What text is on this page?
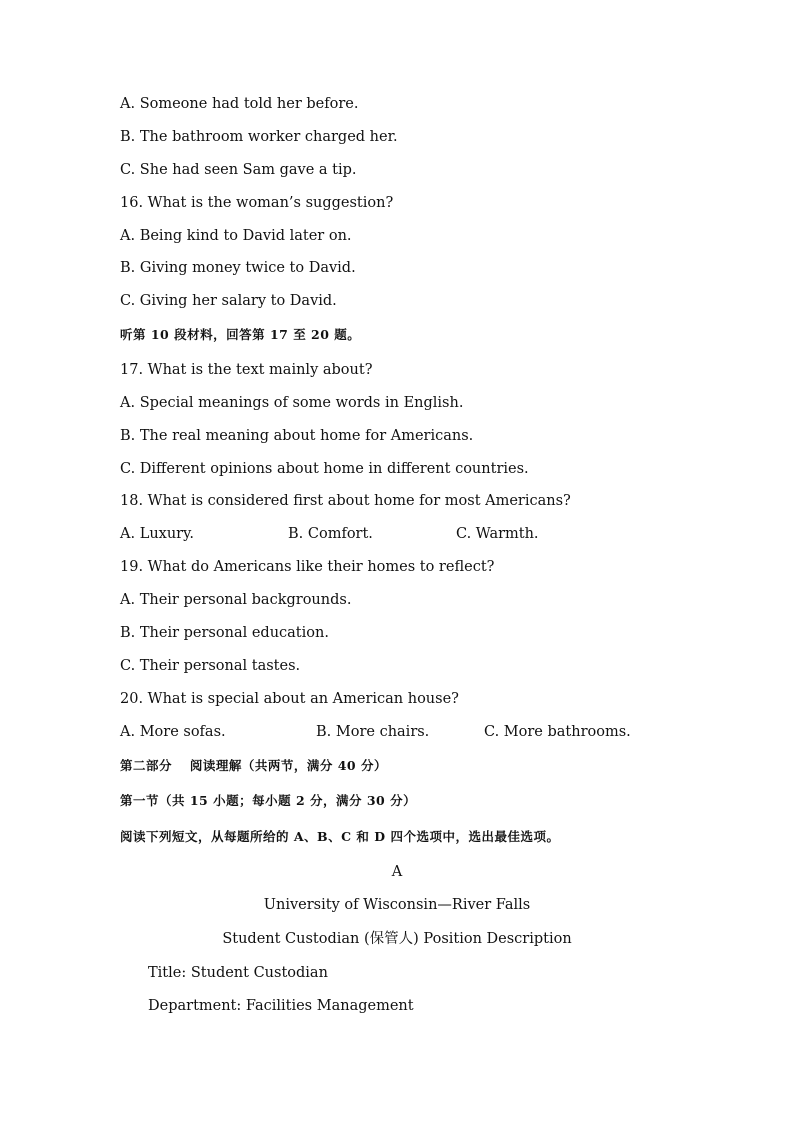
A. Someone had told her before.
B. The bathroom worker charged her.
C. She had seen Sam gave a tip.
16. What is the woman’s suggestion?
A. Being kind to David later on.
B. Giving money twice to David.
C. Giving her salary to David.
听第 10 段材料，回答第 17 至 20 题。
17. What is the text mainly about?
A. Special meanings of some words in English.
B. The real meaning about home for Americans.
C. Different opinions about home in different countries.
18. What is considered first about home for most Americans?
A. Luxury.	B. Comfort.	C. Warmth.
19. What do Americans like their homes to reflect?
A. Their personal backgrounds.
B. Their personal education.
C. Their personal tastes.
20. What is special about an American house?
A. More sofas.	B. More chairs.	C. More bathrooms.
第二部分　 阅读理解（共两节，满分 40 分）
第一节（共 15 小题；每小题 2 分，满分 30 分）
阅读下列短文，从每题所给的 A、B、C 和 D 四个选项中，选出最佳选项。
A
University of Wisconsin—River Falls
Student Custodian (保管人) Position Description
Title: Student Custodian
Department: Facilities Management
